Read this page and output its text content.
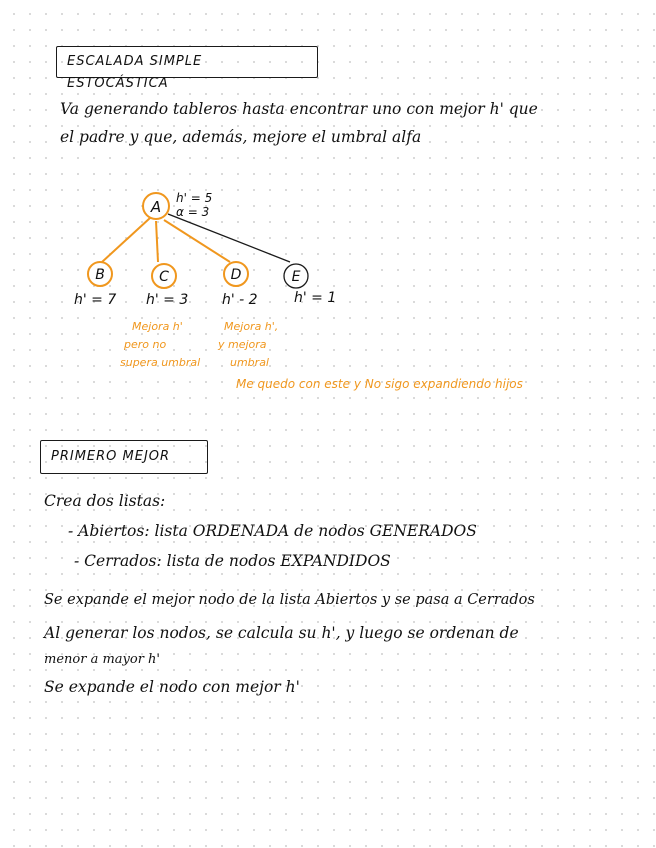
ESCALADA SIMPLE ESTOCÁSTICA
Va generando tableros hasta encontrar uno con mejor h' que
el padre y que, además, mejore el umbral alfa
A
B	C	D	E
h' = 5
α = 3
h' = 7 h' = 3 h' - 2	h' = 1
Mejora h'
pero no
supera umbral
Mejora h',
y mejora
umbral
Me quedo con este y No sigo expandiendo hijos
PRIMERO MEJOR
Crea dos listas:
- Abiertos: lista ORDENADA de nodos GENERADOS
- Cerrados: lista de nodos EXPANDIDOS
Se expande el mejor nodo de la lista Abiertos y se pasa a Cerrados
Al generar los nodos, se calcula su h', y luego se ordenan de
menor a mayor h'
Se expande el nodo con mejor h'
